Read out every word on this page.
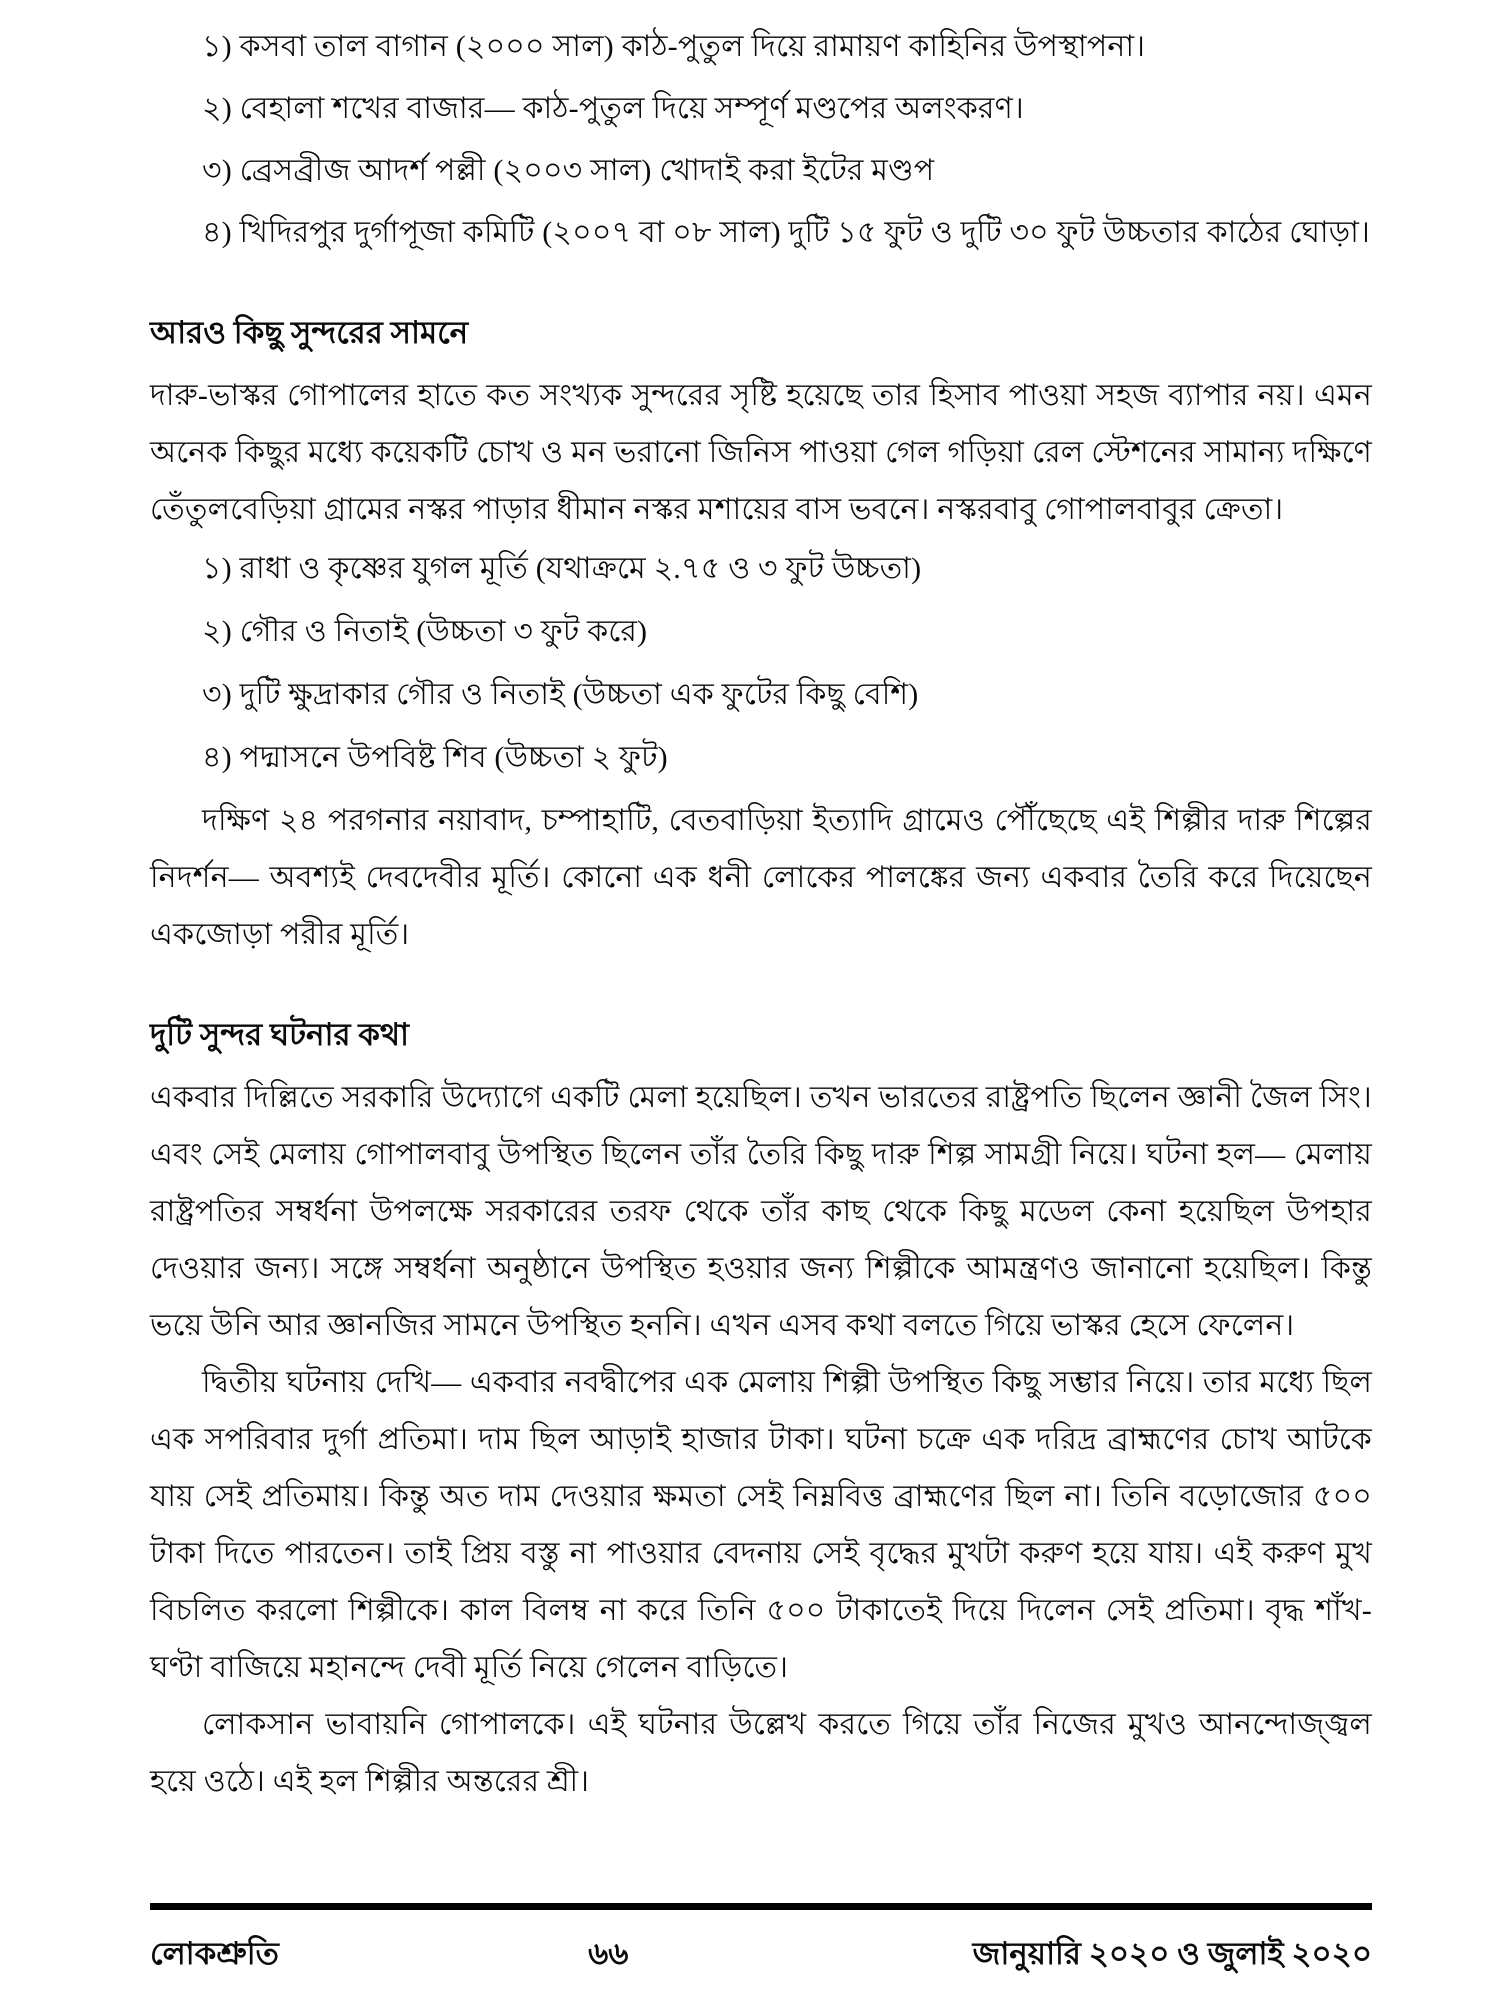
১) কসবা তাল বাগান (২০০০ সাল) কাঠ-পুতুল দিয়ে রামায়ণ কাহিনির উপস্থাপনা।

২) বেহালা শখের বাজার— কাঠ-পুতুল দিয়ে সম্পূর্ণ মণ্ডপের অলংকরণ।

৩) ব্রেসব্রীজ আদর্শ পল্লী (২০০৩ সাল) খোদাই করা ইটের মণ্ডপ

৪) খিদিরপুর দুর্গাপূজা কমিটি (২০০৭ বা ০৮ সাল) দুটি ১৫ ফুট ও দুটি ৩০ ফুট উচ্চতার কাঠের ঘোড়া।

আরও কিছু সুন্দরের সামনে

দারু-ভাস্কর গোপালের হাতে কত সংখ্যক সুন্দরের সৃষ্টি হয়েছে তার হিসাব পাওয়া সহজ ব্যাপার নয়। এমন অনেক কিছুর মধ্যে কয়েকটি চোখ ও মন ভরানো জিনিস পাওয়া গেল গড়িয়া রেল স্টেশনের সামান্য দক্ষিণে তেঁতুলবেড়িয়া গ্রামের নস্কর পাড়ার ধীমান নস্কর মশায়ের বাস ভবনে। নস্করবাবু গোপালবাবুর ক্রেতা।

১) রাধা ও কৃষ্ণের যুগল মূর্তি (যথাক্রমে ২.৭৫ ও ৩ ফুট উচ্চতা)

২) গৌর ও নিতাই (উচ্চতা ৩ ফুট করে)

৩) দুটি ক্ষুদ্রাকার গৌর ও নিতাই (উচ্চতা এক ফুটের কিছু বেশি)

৪) পদ্মাসনে উপবিষ্ট শিব (উচ্চতা ২ ফুট)

দক্ষিণ ২৪ পরগনার নয়াবাদ, চম্পাহাটি, বেতবাড়িয়া ইত্যাদি গ্রামেও পৌঁছেছে এই শিল্পীর দারু শিল্পের নিদর্শন— অবশ্যই দেবদেবীর মূর্তি। কোনো এক ধনী লোকের পালঙ্কের জন্য একবার তৈরি করে দিয়েছেন একজোড়া পরীর মূর্তি।

দুটি সুন্দর ঘটনার কথা

একবার দিল্লিতে সরকারি উদ্যোগে একটি মেলা হয়েছিল। তখন ভারতের রাষ্ট্রপতি ছিলেন জ্ঞানী জৈল সিং। এবং সেই মেলায় গোপালবাবু উপস্থিত ছিলেন তাঁর তৈরি কিছু দারু শিল্প সামগ্রী নিয়ে। ঘটনা হল— মেলায় রাষ্ট্রপতির সম্বর্ধনা উপলক্ষে সরকারের তরফ থেকে তাঁর কাছ থেকে কিছু মডেল কেনা হয়েছিল উপহার দেওয়ার জন্য। সঙ্গে সম্বর্ধনা অনুষ্ঠানে উপস্থিত হওয়ার জন্য শিল্পীকে আমন্ত্রণও জানানো হয়েছিল। কিন্তু ভয়ে উনি আর জ্ঞানজির সামনে উপস্থিত হননি। এখন এসব কথা বলতে গিয়ে ভাস্কর হেসে ফেলেন।

দ্বিতীয় ঘটনায় দেখি— একবার নবদ্বীপের এক মেলায় শিল্পী উপস্থিত কিছু সম্ভার নিয়ে। তার মধ্যে ছিল এক সপরিবার দুর্গা প্রতিমা। দাম ছিল আড়াই হাজার টাকা। ঘটনা চক্রে এক দরিদ্র ব্রাহ্মণের চোখ আটকে যায় সেই প্রতিমায়। কিন্তু অত দাম দেওয়ার ক্ষমতা সেই নিম্নবিত্ত ব্রাহ্মণের ছিল না। তিনি বড়োজোর ৫০০ টাকা দিতে পারতেন। তাই প্রিয় বস্তু না পাওয়ার বেদনায় সেই বৃদ্ধের মুখটা করুণ হয়ে যায়। এই করুণ মুখ বিচলিত করলো শিল্পীকে। কাল বিলম্ব না করে তিনি ৫০০ টাকাতেই দিয়ে দিলেন সেই প্রতিমা। বৃদ্ধ শাঁখ-ঘণ্টা বাজিয়ে মহানন্দে দেবী মূর্তি নিয়ে গেলেন বাড়িতে।

লোকসান ভাবায়নি গোপালকে। এই ঘটনার উল্লেখ করতে গিয়ে তাঁর নিজের মুখও আনন্দোজ্জ্বল হয়ে ওঠে। এই হল শিল্পীর অন্তরের শ্রী।

লোকশ্রুতি	৬৬	জানুয়ারি ২০২০ ও জুলাই ২০২০
